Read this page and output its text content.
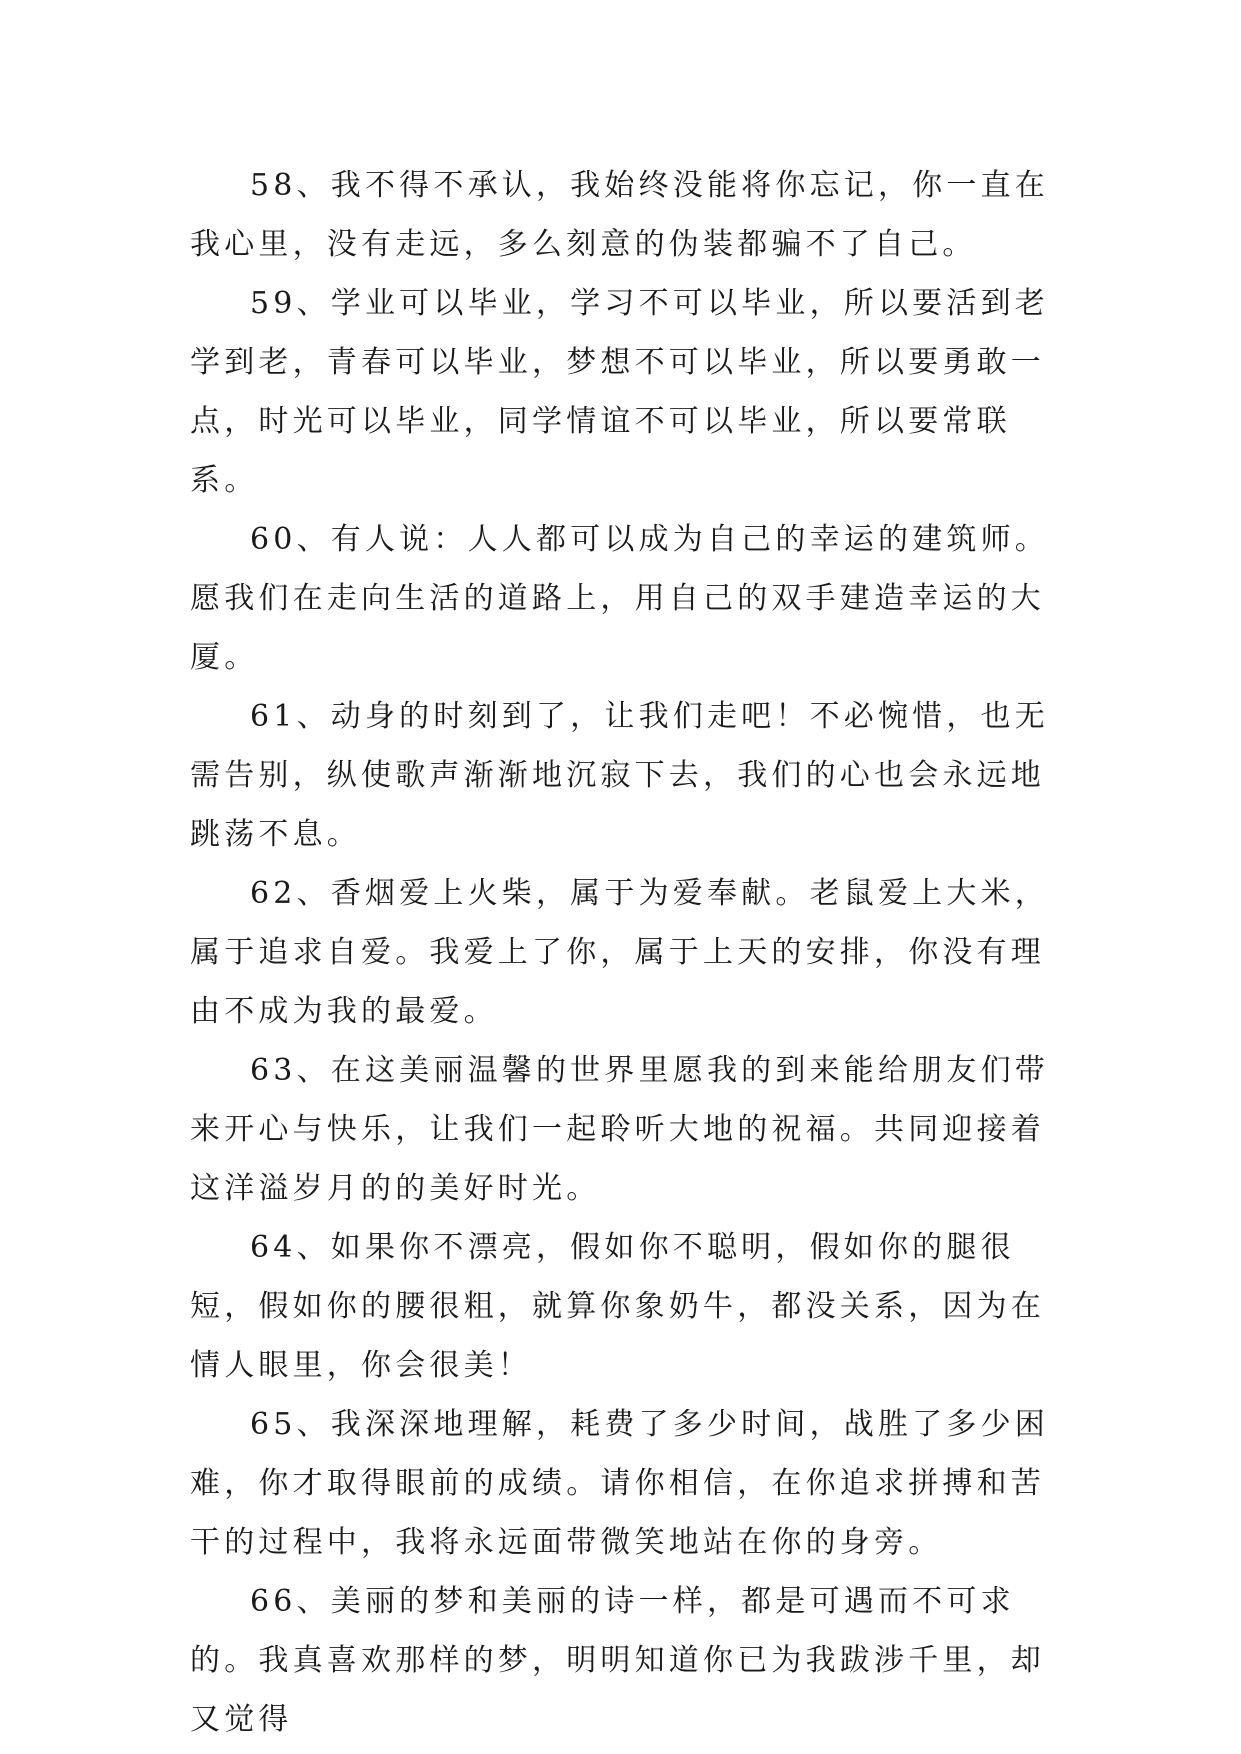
58、我不得不承认，我始终没能将你忘记，你一直在我心里，没有走远，多么刻意的伪装都骗不了自己。

59、学业可以毕业，学习不可以毕业，所以要活到老学到老，青春可以毕业，梦想不可以毕业，所以要勇敢一点，时光可以毕业，同学情谊不可以毕业，所以要常联系。

60、有人说：人人都可以成为自己的幸运的建筑师。愿我们在走向生活的道路上，用自己的双手建造幸运的大厦。

61、动身的时刻到了，让我们走吧！不必惋惜，也无需告别，纵使歌声渐渐地沉寂下去，我们的心也会永远地跳荡不息。

62、香烟爱上火柴，属于为爱奉献。老鼠爱上大米，属于追求自爱。我爱上了你，属于上天的安排，你没有理由不成为我的最爱。

63、在这美丽温馨的世界里愿我的到来能给朋友们带来开心与快乐，让我们一起聆听大地的祝福。共同迎接着这洋溢岁月的的美好时光。

64、如果你不漂亮，假如你不聪明，假如你的腿很短，假如你的腰很粗，就算你象奶牛，都没关系，因为在情人眼里，你会很美！

65、我深深地理解，耗费了多少时间，战胜了多少困难，你才取得眼前的成绩。请你相信，在你追求拼搏和苦干的过程中，我将永远面带微笑地站在你的身旁。

66、美丽的梦和美丽的诗一样，都是可遇而不可求的。我真喜欢那样的梦，明明知道你已为我跋涉千里，却又觉得
